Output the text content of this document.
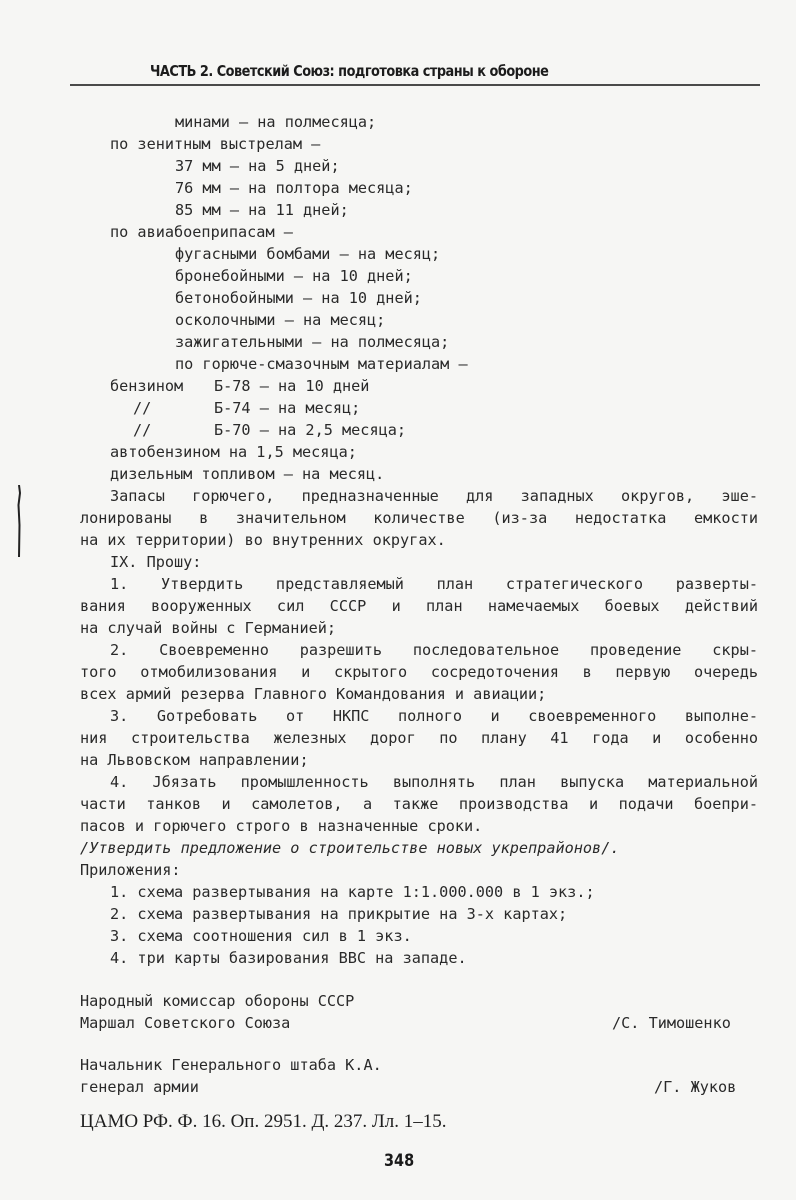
ЧАСТЬ 2. Советский Союз: подготовка страны к обороне
минами — на полмесяца;
по зенитным выстрелам —
37 мм — на 5 дней;
76 мм — на полтора месяца;
85 мм — на 11 дней;
по авиабоеприпасам —
фугасными бомбами — на месяц;
бронебойными — на 10 дней;
бетонобойными — на 10 дней;
осколочными — на месяц;
зажигательными — на полмесяца;
по горюче-смазочным материалам —
бензином Б-78 — на 10 дней
//	Б-74 — на месяц;
//	Б-70 — на 2,5 месяца;
автобензином на 1,5 месяца;
дизельным топливом — на месяц.
Запасы горючего, предназначенные для западных округов, эше-
лонированы в значительном количестве (из-за недостатка емкости
на их территории) во внутренних округах.
IX. Прошу:
1. Утвердить представляемый план стратегического разверты-
вания вооруженных сил СССР и план намечаемых боевых действий
на случай войны с Германией;
2. Своевременно разрешить последовательное проведение скры-
того отмобилизования и скрытого сосредоточения в первую очередь
всех армий резерва Главного Командования и авиации;
3. Gотребовать от НКПС полного и своевременного выполне-
ния строительства железных дорог по плану 41 года и особенно
на Львовском направлении;
4. Jбязать промышленность выполнять план выпуска материальной
части танков и самолетов, а также производства и подачи боепри-
пасов и горючего строго в назначенные сроки.
/Утвердить предложение о строительстве новых укрепрайонов/.
Приложения:
1. схема развертывания на карте 1:1.000.000 в 1 экз.;
2. схема развертывания на прикрытие на 3-х картах;
3. схема соотношения сил в 1 экз.
4. три карты базирования ВВС на западе.
Народный комиссар обороны СССР
Маршал Советского Союза	/С. Тимошенко
Начальник Генерального штаба К.А.
генерал армии	/Г. Жуков
ЦАМО РФ. Ф. 16. Оп. 2951. Д. 237. Лл. 1–15.
348
